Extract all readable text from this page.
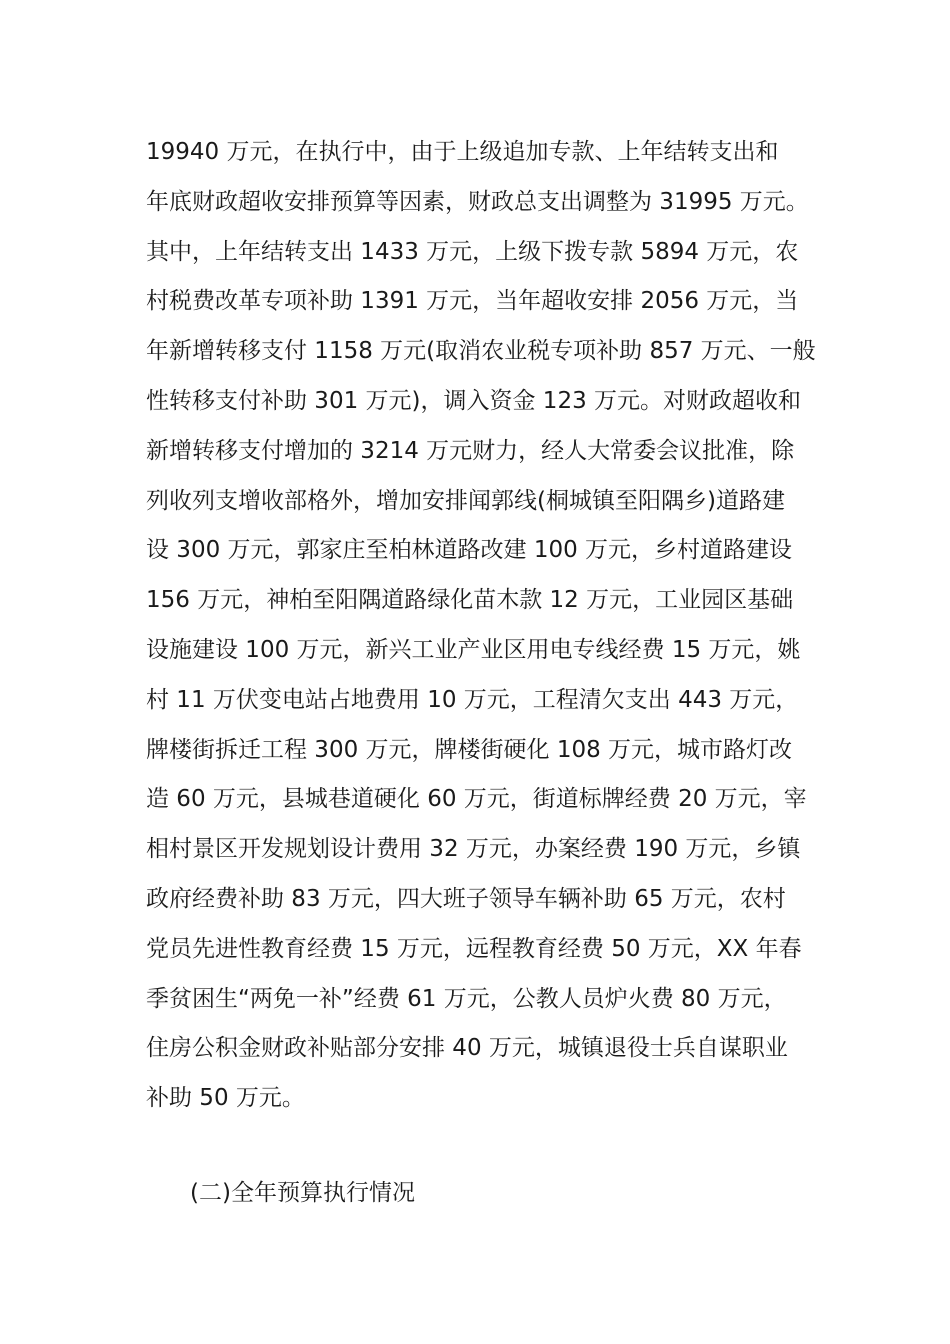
19940 万元，在执行中，由于上级追加专款、上年结转支出和
年底财政超收安排预算等因素，财政总支出调整为 31995 万元。
其中，上年结转支出 1433 万元，上级下拨专款 5894 万元，农
村税费改革专项补助 1391 万元，当年超收安排 2056 万元，当
年新增转移支付 1158 万元(取消农业税专项补助 857 万元、一般
性转移支付补助 301 万元)，调入资金 123 万元。对财政超收和
新增转移支付增加的 3214 万元财力，经人大常委会议批准，除
列收列支增收部格外，增加安排闻郭线(桐城镇至阳隅乡)道路建
设 300 万元，郭家庄至柏林道路改建 100 万元，乡村道路建设
156 万元，神柏至阳隅道路绿化苗木款 12 万元，工业园区基础
设施建设 100 万元，新兴工业产业区用电专线经费 15 万元，姚
村 11 万伏变电站占地费用 10 万元，工程清欠支出 443 万元，
牌楼街拆迁工程 300 万元，牌楼街硬化 108 万元，城市路灯改
造 60 万元，县城巷道硬化 60 万元，街道标牌经费 20 万元，宰
相村景区开发规划设计费用 32 万元，办案经费 190 万元，乡镇
政府经费补助 83 万元，四大班子领导车辆补助 65 万元，农村
党员先进性教育经费 15 万元，远程教育经费 50 万元，XX 年春
季贫困生“两免一补”经费 61 万元，公教人员炉火费 80 万元，
住房公积金财政补贴部分安排 40 万元，城镇退役士兵自谋职业
补助 50 万元。
(二)全年预算执行情况
